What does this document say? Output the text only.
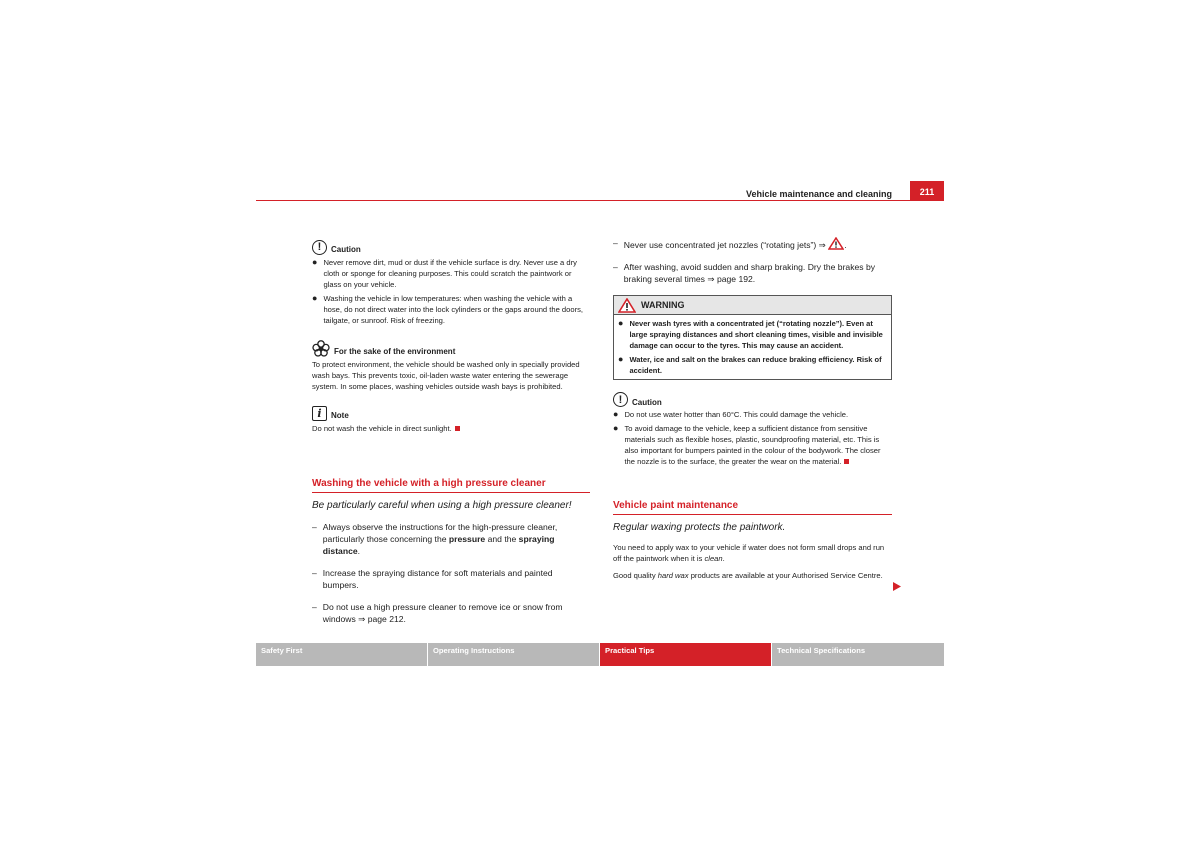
Vehicle maintenance and cleaning	211
!	Caution
● Never remove dirt, mud or dust if the vehicle surface is dry. Never use a dry cloth or sponge for cleaning purposes. This could scratch the paintwork or glass on your vehicle.
● Washing the vehicle in low temperatures: when washing the vehicle with a hose, do not direct water into the lock cylinders or the gaps around the doors, tailgate, or sunroof. Risk of freezing.
For the sake of the environment
To protect environment, the vehicle should be washed only in specially provided wash bays. This prevents toxic, oil-laden waste water entering the sewerage system. In some places, washing vehicles outside wash bays is prohibited.
i	Note
Do not wash the vehicle in direct sunlight.
Washing the vehicle with a high pressure cleaner
Be particularly careful when using a high pressure cleaner!
– Always observe the instructions for the high-pressure cleaner, particularly those concerning the pressure and the spraying distance.
– Increase the spraying distance for soft materials and painted bumpers.
– Do not use a high pressure cleaner to remove ice or snow from windows ⇒ page 212.
– Never use concentrated jet nozzles (“rotating jets”) ⇒ .
– After washing, avoid sudden and sharp braking. Dry the brakes by braking several times ⇒ page 192.
WARNING
● Never wash tyres with a concentrated jet (“rotating nozzle”). Even at large spraying distances and short cleaning times, visible and invisible damage can occur to the tyres. This may cause an accident.
● Water, ice and salt on the brakes can reduce braking efficiency. Risk of accident.
!	Caution
● Do not use water hotter than 60°C. This could damage the vehicle.
● To avoid damage to the vehicle, keep a sufficient distance from sensitive materials such as flexible hoses, plastic, soundproofing material, etc. This is also important for bumpers painted in the colour of the bodywork. The closer the nozzle is to the surface, the greater the wear on the material.
Vehicle paint maintenance
Regular waxing protects the paintwork.
You need to apply wax to your vehicle if water does not form small drops and run off the paintwork when it is clean.
Good quality hard wax products are available at your Authorised Service Centre.
Safety First	Operating Instructions	Practical Tips	Technical Specifications
